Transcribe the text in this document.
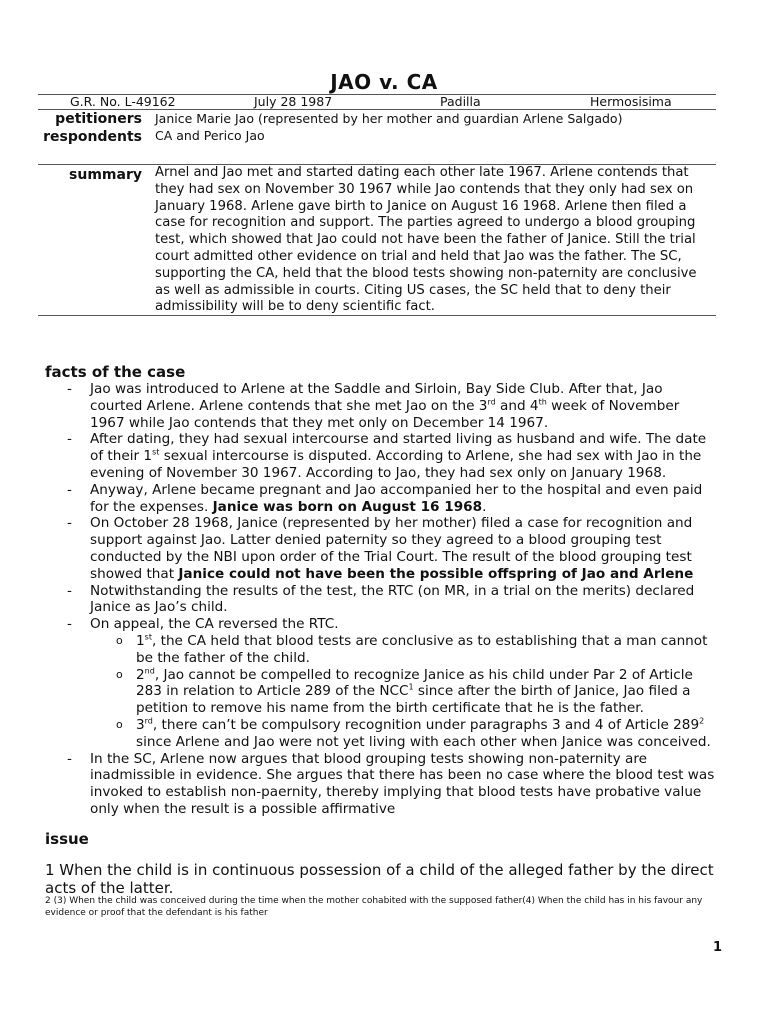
JAO v. CA
G.R. No. L-49162	July 28 1987	Padilla	Hermosisima
petitioners Janice Marie Jao (represented by her mother and guardian Arlene Salgado)
respondents CA and Perico Jao
summary Arnel and Jao met and started dating each other late 1967. Arlene contends that they had sex on November 30 1967 while Jao contends that they only had sex on January 1968. Arlene gave birth to Janice on August 16 1968. Arlene then filed a case for recognition and support. The parties agreed to undergo a blood grouping test, which showed that Jao could not have been the father of Janice. Still the trial court admitted other evidence on trial and held that Jao was the father. The SC, supporting the CA, held that the blood tests showing non-paternity are conclusive as well as admissible in courts. Citing US cases, the SC held that to deny their admissibility will be to deny scientific fact.
facts of the case
- Jao was introduced to Arlene at the Saddle and Sirloin, Bay Side Club. After that, Jao courted Arlene. Arlene contends that she met Jao on the 3rd and 4th week of November 1967 while Jao contends that they met only on December 14 1967.
- After dating, they had sexual intercourse and started living as husband and wife. The date of their 1st sexual intercourse is disputed. According to Arlene, she had sex with Jao in the evening of November 30 1967. According to Jao, they had sex only on January 1968.
- Anyway, Arlene became pregnant and Jao accompanied her to the hospital and even paid for the expenses. Janice was born on August 16 1968.
- On October 28 1968, Janice (represented by her mother) filed a case for recognition and support against Jao. Latter denied paternity so they agreed to a blood grouping test conducted by the NBI upon order of the Trial Court. The result of the blood grouping test showed that Janice could not have been the possible offspring of Jao and Arlene
- Notwithstanding the results of the test, the RTC (on MR, in a trial on the merits) declared Janice as Jao’s child.
- On appeal, the CA reversed the RTC.
o 1st, the CA held that blood tests are conclusive as to establishing that a man cannot be the father of the child.
o 2nd, Jao cannot be compelled to recognize Janice as his child under Par 2 of Article 283 in relation to Article 289 of the NCC$^1$ since after the birth of Janice, Jao filed a petition to remove his name from the birth certificate that he is the father.
o 3rd, there can’t be compulsory recognition under paragraphs 3 and 4 of Article $289^2$ since Arlene and Jao were not yet living with each other when Janice was conceived.
- In the SC, Arlene now argues that blood grouping tests showing non-paternity are inadmissible in evidence. She argues that there has been no case where the blood test was invoked to establish non-paernity, thereby implying that blood tests have probative value only when the result is a possible affirmative
issue
1 When the child is in continuous possession of a child of the alleged father by the direct acts of the latter.
2 (3) When the child was conceived during the time when the mother cohabited with the supposed father(4) When the child has in his favour any evidence or proof that the defendant is his father
1
